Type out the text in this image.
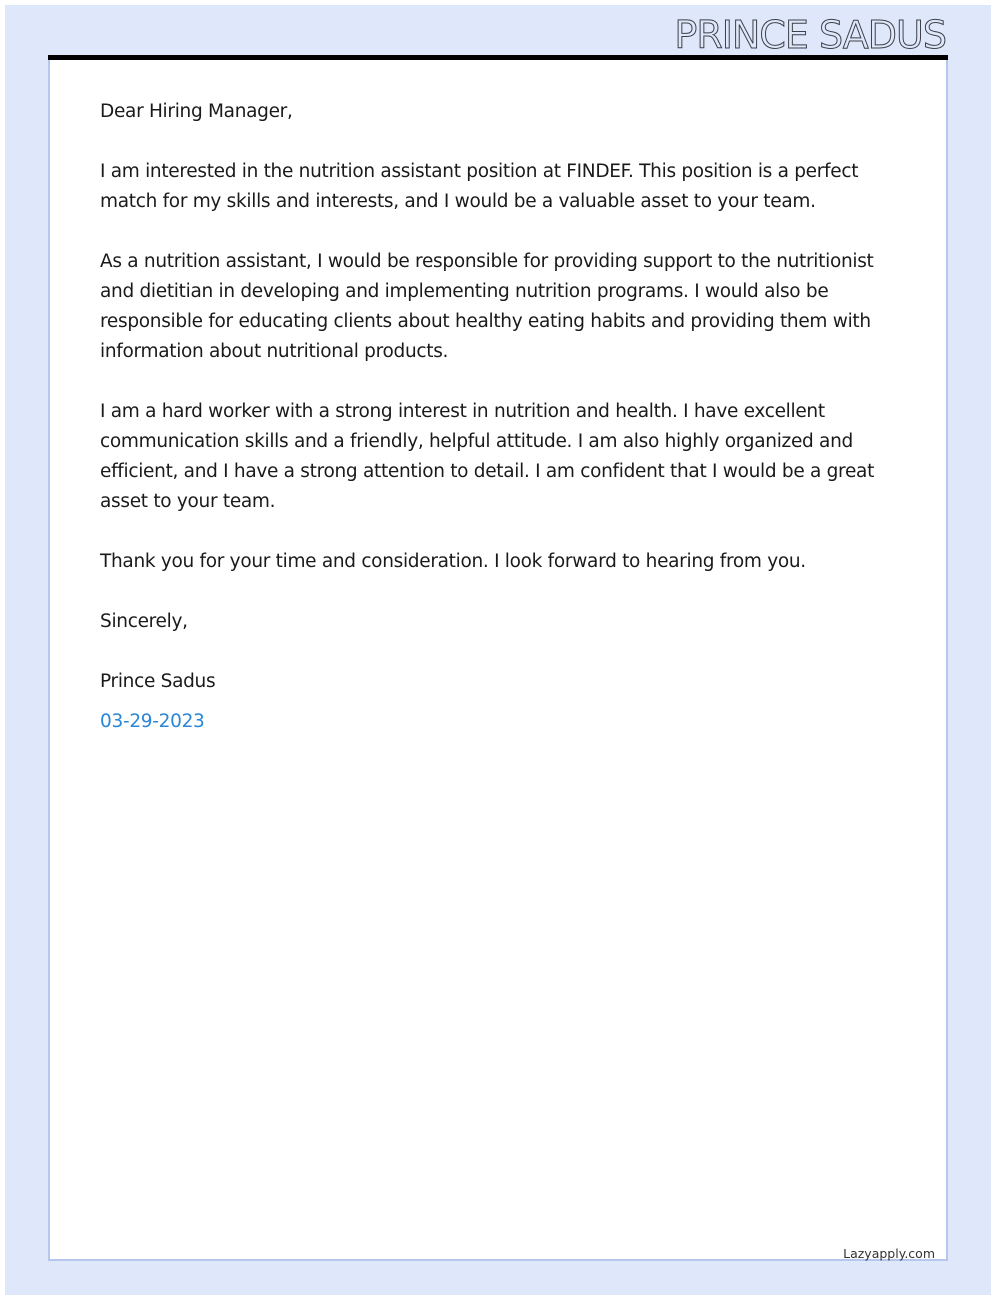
PRINCE SADUS

Dear Hiring Manager,

I am interested in the nutrition assistant position at FINDEF. This position is a perfect match for my skills and interests, and I would be a valuable asset to your team.

As a nutrition assistant, I would be responsible for providing support to the nutritionist and dietitian in developing and implementing nutrition programs. I would also be responsible for educating clients about healthy eating habits and providing them with information about nutritional products.

I am a hard worker with a strong interest in nutrition and health. I have excellent communication skills and a friendly, helpful attitude. I am also highly organized and efficient, and I have a strong attention to detail. I am confident that I would be a great asset to your team.

Thank you for your time and consideration. I look forward to hearing from you.

Sincerely,

Prince Sadus

03-29-2023

Lazyapply.com
